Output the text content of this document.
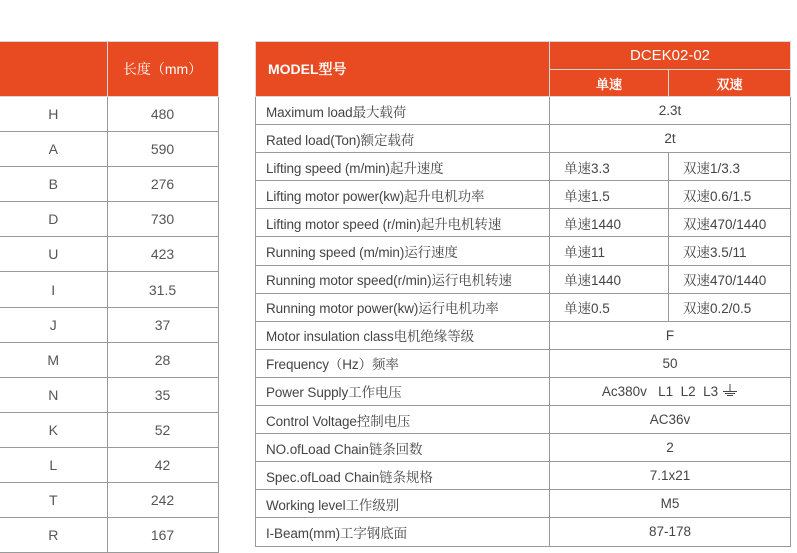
	长度（mm）
H	480
A	590
B	276
D	730
U	423
I	31.5
J	37
M	28
N	35
K	52
L	42
T	242
R	167
MODEL型号	DCEK02-02	
	单速	双速
Maximum load最大载荷	2.3t	
Rated load(Ton)额定载荷	2t	
Lifting speed (m/min)起升速度	单速3.3	双速1/3.3
Lifting motor power(kw)起升电机功率	单速1.5	双速0.6/1.5
Lifting motor speed (r/min)起升电机转速	单速1440	双速470/1440
Running speed (m/min)运行速度	单速11	双速3.5/11
Running motor speed(r/min)运行电机转速	单速1440	双速470/1440
Running motor power(kw)运行电机功率	单速0.5	双速0.2/0.5
Motor insulation class电机绝缘等级	F	
Frequency（Hz）频率	50	
Power Supply工作电压	Ac380v   L1  L2  L3	

Control Voltage控制电压	AC36v	
NO.ofLoad Chain链条回数	2	
Spec.ofLoad Chain链条规格	7.1x21	
Working level工作级别	M5	
I-Beam(mm)工字钢底面	87-178	
